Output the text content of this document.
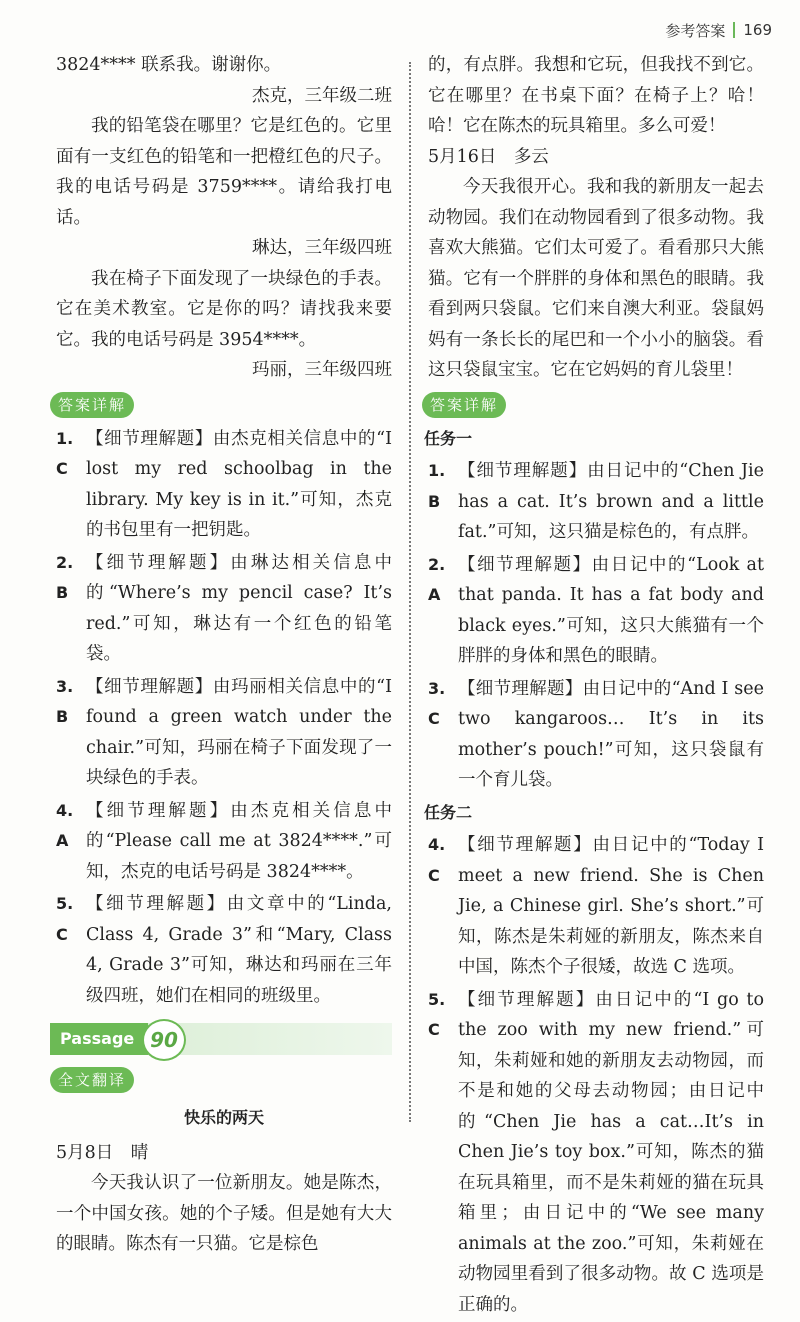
参考答案 169

3824**** 联系我。谢谢你。

杰克，三年级二班

我的铅笔袋在哪里？它是红色的。它里面有一支红色的铅笔和一把橙红色的尺子。我的电话号码是 3759****。请给我打电话。

琳达，三年级四班

我在椅子下面发现了一块绿色的手表。它在美术教室。它是你的吗？请找我来要它。我的电话号码是 3954****。

玛丽，三年级四班

答案详解
1. C
【细节理解题】由杰克相关信息中的“I lost my red schoolbag in the library. My key is in it.”可知，杰克的书包里有一把钥匙。
2. B
【细节理解题】由琳达相关信息中的“Where’s my pencil case? It’s red.”可知，琳达有一个红色的铅笔袋。
3. B
【细节理解题】由玛丽相关信息中的“I found a green watch under the chair.”可知，玛丽在椅子下面发现了一块绿色的手表。
4. A
【细节理解题】由杰克相关信息中的“Please call me at 3824****.”可知，杰克的电话号码是 3824****。
5. C
【细节理解题】由文章中的“Linda, Class 4, Grade 3”和“Mary, Class 4, Grade 3”可知，琳达和玛丽在三年级四班，她们在相同的班级里。
Passage 90
全文翻译

快乐的两天

5月8日　晴

今天我认识了一位新朋友。她是陈杰，一个中国女孩。她的个子矮。但是她有大大的眼睛。陈杰有一只猫。它是棕色

的，有点胖。我想和它玩，但我找不到它。它在哪里？在书桌下面？在椅子上？哈！哈！它在陈杰的玩具箱里。多么可爱！

5月16日　多云

今天我很开心。我和我的新朋友一起去动物园。我们在动物园看到了很多动物。我喜欢大熊猫。它们太可爱了。看看那只大熊猫。它有一个胖胖的身体和黑色的眼睛。我看到两只袋鼠。它们来自澳大利亚。袋鼠妈妈有一条长长的尾巴和一个小小的脑袋。看这只袋鼠宝宝。它在它妈妈的育儿袋里！

答案详解
任务一
1. B
【细节理解题】由日记中的“Chen Jie has a cat. It’s brown and a little fat.”可知，这只猫是棕色的，有点胖。
2. A
【细节理解题】由日记中的“Look at that panda. It has a fat body and black eyes.”可知，这只大熊猫有一个胖胖的身体和黑色的眼睛。
3. C
【细节理解题】由日记中的“And I see two kangaroos… It’s in its mother’s pouch!”可知，这只袋鼠有一个育儿袋。
任务二
4. C
【细节理解题】由日记中的“Today I meet a new friend. She is Chen Jie, a Chinese girl. She’s short.”可知，陈杰是朱莉娅的新朋友，陈杰来自中国，陈杰个子很矮，故选 C 选项。
5. C
【细节理解题】由日记中的“I go to the zoo with my new friend.”可知，朱莉娅和她的新朋友去动物园，而不是和她的父母去动物园；由日记中的“Chen Jie has a cat…It’s in Chen Jie’s toy box.”可知，陈杰的猫在玩具箱里，而不是朱莉娅的猫在玩具箱里；由日记中的“We see many animals at the zoo.”可知，朱莉娅在动物园里看到了很多动物。故 C 选项是正确的。
